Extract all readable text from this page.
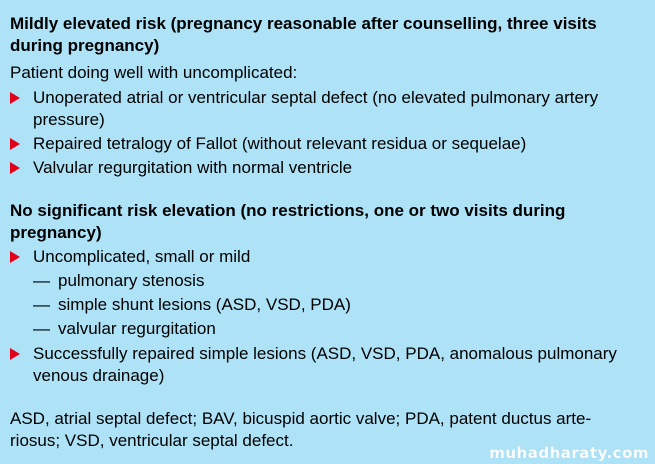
Mildly elevated risk (pregnancy reasonable after counselling, three visits
during pregnancy)
Patient doing well with uncomplicated:
Unoperated atrial or ventricular septal defect (no elevated pulmonary artery
pressure)
Repaired tetralogy of Fallot (without relevant residua or sequelae)
Valvular regurgitation with normal ventricle
No significant risk elevation (no restrictions, one or two visits during
pregnancy)
Uncomplicated, small or mild
— pulmonary stenosis
— simple shunt lesions (ASD, VSD, PDA)
— valvular regurgitation
Successfully repaired simple lesions (ASD, VSD, PDA, anomalous pulmonary
venous drainage)
ASD, atrial septal defect; BAV, bicuspid aortic valve; PDA, patent ductus arte-
riosus; VSD, ventricular septal defect.
muhadharaty.com
